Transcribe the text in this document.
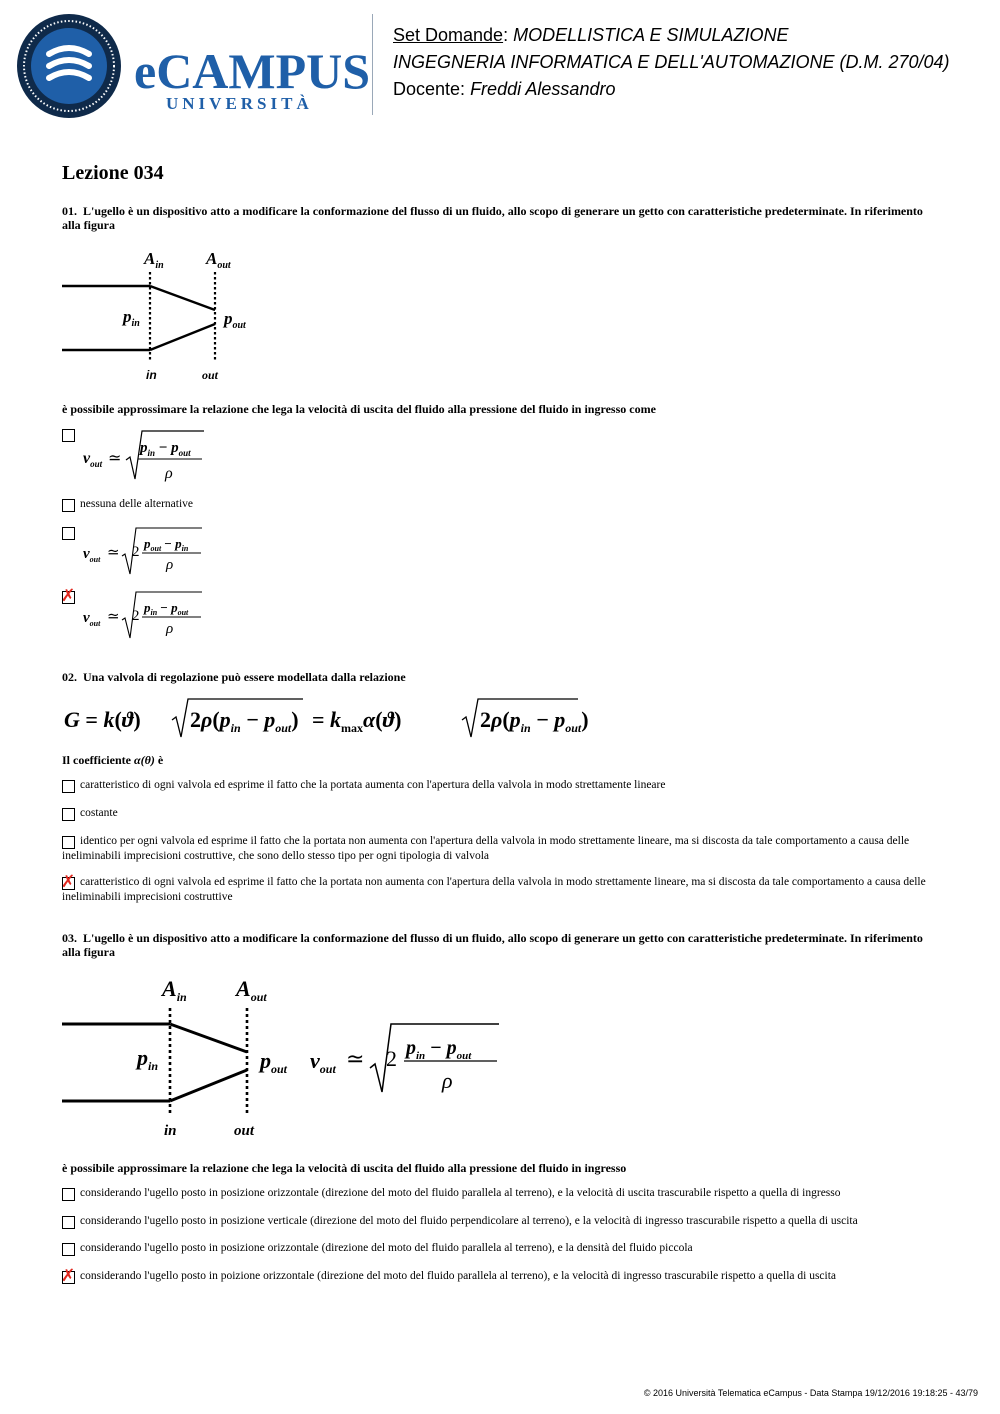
eCAMPUS
UNIVERSITÀ
Set Domande: MODELLISTICA E SIMULAZIONE
INGEGNERIA INFORMATICA E DELL'AUTOMAZIONE (D.M. 270/04)
Docente: Freddi Alessandro
Lezione 034
01. L'ugello è un dispositivo atto a modificare la conformazione del flusso di un fluido, allo scopo di generare un getto con caratteristiche predeterminate. In riferimento alla figura
$A_{in}$ $A_{out}$
$p_{in}$	$p_{out}$
in	out
è possibile approssimare la relazione che lega la velocità di uscita del fluido alla pressione del fluido in ingresso come
$v_{out}$ ≃
$p_{in} - p_{out}$
ρ
nessuna delle alternative
$v_{out}$ ≃ 2
$p_{out} - p_{in}$
ρ
✗
$v_{out}$ ≃ 2
$p_{in} - p_{out}$
ρ
02. Una valvola di regolazione può essere modellata dalla relazione
G = k(ϑ) $2\rho(p_{in} - p_{out}) = k_{max}\alpha(ϑ)$	$2\rho(p_{in} - p_{out})$
Il coefficiente α(θ) è
caratteristico di ogni valvola ed esprime il fatto che la portata aumenta con l'apertura della valvola in modo strettamente lineare
costante
identico per ogni valvola ed esprime il fatto che la portata non aumenta con l'apertura della valvola in modo strettamente lineare, ma si discosta da tale comportamento a causa delle ineliminabili imprecisioni costruttive, che sono dello stesso tipo per ogni tipologia di valvola
✗ caratteristico di ogni valvola ed esprime il fatto che la portata non aumenta con l'apertura della valvola in modo strettamente lineare, ma si discosta da tale comportamento a causa delle ineliminabili imprecisioni costruttive
03. L'ugello è un dispositivo atto a modificare la conformazione del flusso di un fluido, allo scopo di generare un getto con caratteristiche predeterminate. In riferimento alla figura
$A_{in}$ $A_{out}$
$p_{in}$	$p_{out}$
in	out
$v_{out}$ ≃ 2 $p_{in} - p_{out}$
ρ
è possibile approssimare la relazione che lega la velocità di uscita del fluido alla pressione del fluido in ingresso
considerando l'ugello posto in posizione orizzontale (direzione del moto del fluido parallela al terreno), e la velocità di uscita trascurabile rispetto a quella di ingresso
considerando l'ugello posto in posizione verticale (direzione del moto del fluido perpendicolare al terreno), e la velocità di ingresso trascurabile rispetto a quella di uscita
considerando l'ugello posto in posizione orizzontale (direzione del moto del fluido parallela al terreno), e la densità del fluido piccola
✗ considerando l'ugello posto in poizione orizzontale (direzione del moto del fluido parallela al terreno), e la velocità di ingresso trascurabile rispetto a quella di uscita
© 2016 Università Telematica eCampus - Data Stampa 19/12/2016 19:18:25 - 43/79
